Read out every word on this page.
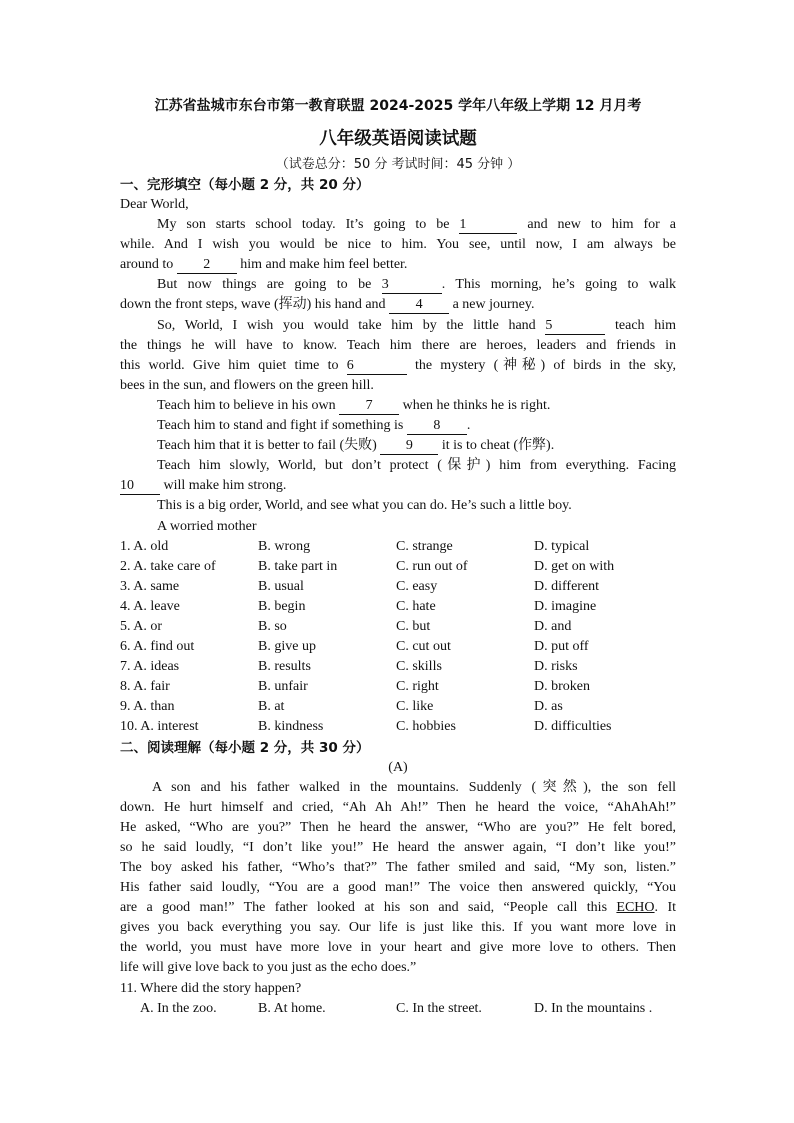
江苏省盐城市东台市第一教育联盟 2024-2025 学年八年级上学期 12 月月考
八年级英语阅读试题
（试卷总分：50 分 考试时间：45 分钟 ）
一、完形填空（每小题 2 分，共 20 分）
Dear World,
My son starts school today. It’s going to be 1	and new to him for a
while. And I wish you would be nice to him. You see, until now, I am always be
around to 2 him and make him feel better.
But now things are going to be 3	. This morning, he’s going to walk
down the front steps, wave (挥动) his hand and 4 a new journey.
So, World, I wish you would take him by the little hand 5	teach him
the things he will have to know. Teach him there are heroes, leaders and friends in
this world. Give him quiet time to 6	the mystery (神秘) of birds in the sky,
bees in the sun, and flowers on the green hill.
Teach him to believe in his own 7 when he thinks he is right.
Teach him to stand and fight if something is 8 .
Teach him that it is better to fail (失败) 9 it is to cheat (作弊).
Teach him slowly, World, but don’t protect (保护) him from everything. Facing
10 will make him strong.
This is a big order, World, and see what you can do. He’s such a little boy.
A worried mother
1. A. old	B. wrong	C. strange	D. typical
2. A. take care of	B. take part in	C. run out of	D. get on with
3. A. same	B. usual	C. easy	D. different
4. A. leave	B. begin	C. hate	D. imagine
5. A. or	B. so	C. but	D. and
6. A. find out	B. give up	C. cut out	D. put off
7. A. ideas	B. results	C. skills	D. risks
8. A. fair	B. unfair	C. right	D. broken
9. A. than	B. at	C. like	D. as
10. A. interest	B. kindness	C. hobbies	D. difficulties
二、阅读理解（每小题 2 分，共 30 分）
(A)
A son and his father walked in the mountains. Suddenly (突然), the son fell
down. He hurt himself and cried, “Ah Ah Ah!” Then he heard the voice, “AhAhAh!”
He asked, “Who are you?” Then he heard the answer, “Who are you?” He felt bored,
so he said loudly, “I don’t like you!” He heard the answer again, “I don’t like you!”
The boy asked his father, “Who’s that?” The father smiled and said, “My son, listen.”
His father said loudly, “You are a good man!” The voice then answered quickly, “You
are a good man!” The father looked at his son and said, “People call this ECHO. It
gives you back everything you say. Our life is just like this. If you want more love in
the world, you must have more love in your heart and give more love to others. Then
life will give love back to you just as the echo does.”
11. Where did the story happen?
A. In the zoo.	B. At home.	C. In the street.	D. In the mountains .
